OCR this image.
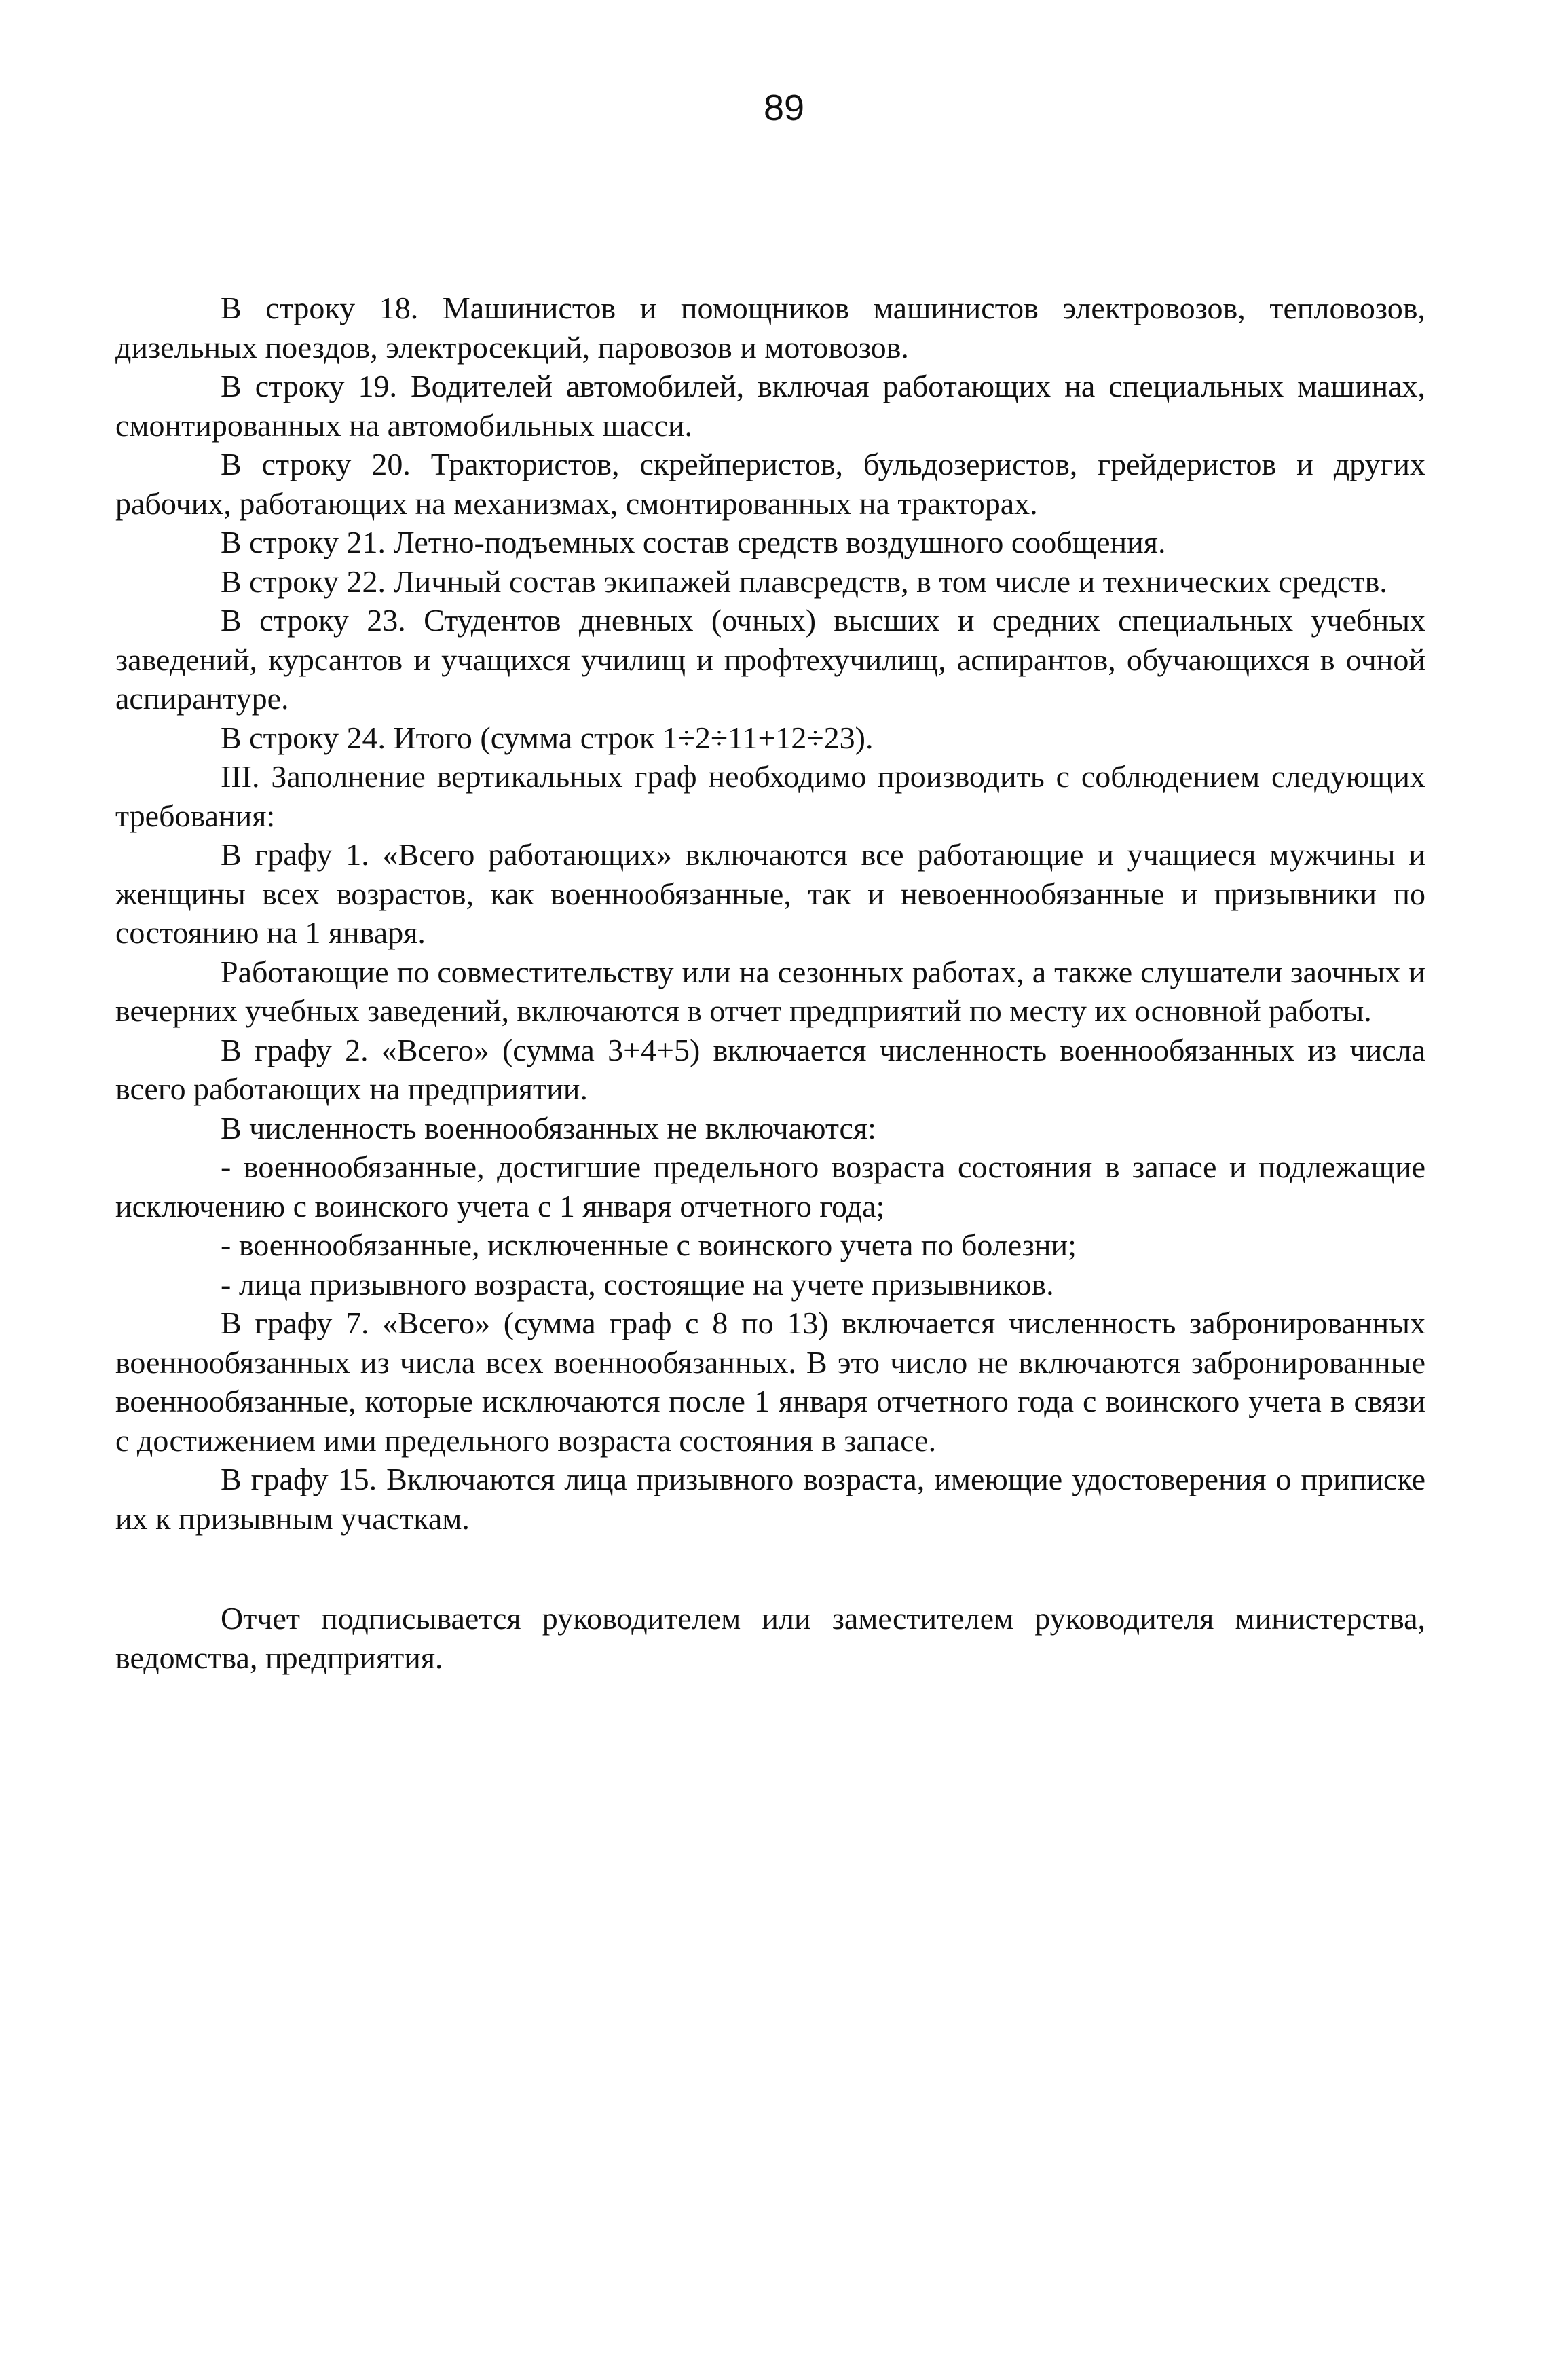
89

В строку 18. Машинистов и помощников машинистов электровозов, тепловозов, дизельных поездов, электросекций, паровозов и мотовозов.

В строку 19. Водителей автомобилей, включая работающих на специальных машинах, смонтированных на автомобильных шасси.

В строку 20. Трактористов, скрейперистов, бульдозеристов, грейдеристов и других рабочих, работающих на механизмах, смонтированных на тракторах.

В строку 21. Летно-подъемных состав средств воздушного сообщения.

В строку 22. Личный состав экипажей плавсредств, в том числе и технических средств.

В строку 23. Студентов дневных (очных) высших и средних специальных учебных заведений, курсантов и учащихся училищ и профтехучилищ, аспирантов, обучающихся в очной аспирантуре.

В строку 24. Итого (сумма строк 1÷2÷11+12÷23).

III. Заполнение вертикальных граф необходимо производить с соблюдением следующих требования:

В графу 1. «Всего работающих» включаются все работающие и учащиеся мужчины и женщины всех возрастов, как военнообязанные, так и невоеннообязанные и призывники по состоянию на 1 января.

Работающие по совместительству или на сезонных работах, а также слушатели заочных и вечерних учебных заведений, включаются в отчет предприятий по месту их основной работы.

В графу 2. «Всего» (сумма 3+4+5) включается численность военнообязанных из числа всего работающих на предприятии.

В численность военнообязанных не включаются:

- военнообязанные, достигшие предельного возраста состояния в запасе и подлежащие исключению с воинского учета с 1 января отчетного года;

- военнообязанные, исключенные с воинского учета по болезни;

- лица призывного возраста, состоящие на учете призывников.

В графу 7. «Всего» (сумма граф с 8 по 13) включается численность забронированных военнообязанных из числа всех военнообязанных. В это число не включаются забронированные военнообязанные, которые исключаются после 1 января отчетного года с воинского учета в связи с достижением ими предельного возраста состояния в запасе.

В графу 15. Включаются лица призывного возраста, имеющие удостоверения о приписке их к призывным участкам.

Отчет подписывается руководителем или заместителем руководителя министерства, ведомства, предприятия.
